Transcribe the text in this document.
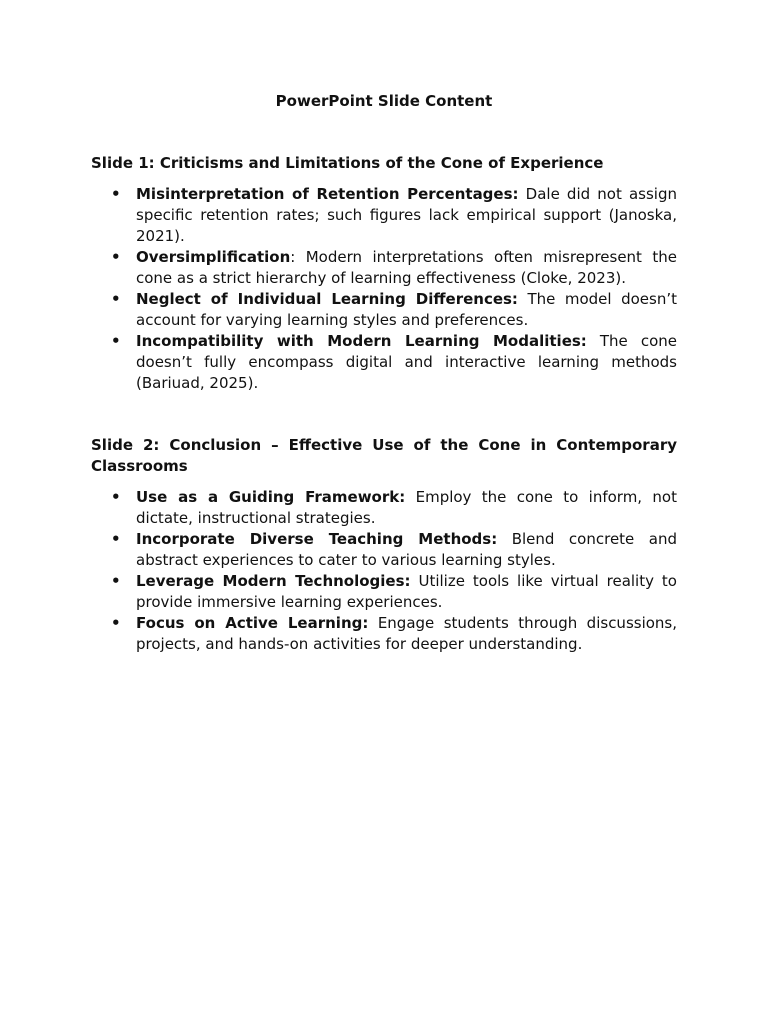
PowerPoint Slide Content

Slide 1: Criticisms and Limitations of the Cone of Experience

• Misinterpretation of Retention Percentages: Dale did not assign specific retention rates; such figures lack empirical support (Janoska, 2021).
• Oversimplification: Modern interpretations often misrepresent the cone as a strict hierarchy of learning effectiveness (Cloke, 2023).
• Neglect of Individual Learning Differences: The model doesn’t account for varying learning styles and preferences.
• Incompatibility with Modern Learning Modalities: The cone doesn’t fully encompass digital and interactive learning methods (Bariuad, 2025).

Slide 2: Conclusion – Effective Use of the Cone in Contemporary Classrooms

• Use as a Guiding Framework: Employ the cone to inform, not dictate, instructional strategies.
• Incorporate Diverse Teaching Methods: Blend concrete and abstract experiences to cater to various learning styles.
• Leverage Modern Technologies: Utilize tools like virtual reality to provide immersive learning experiences.
• Focus on Active Learning: Engage students through discussions, projects, and hands-on activities for deeper understanding.
